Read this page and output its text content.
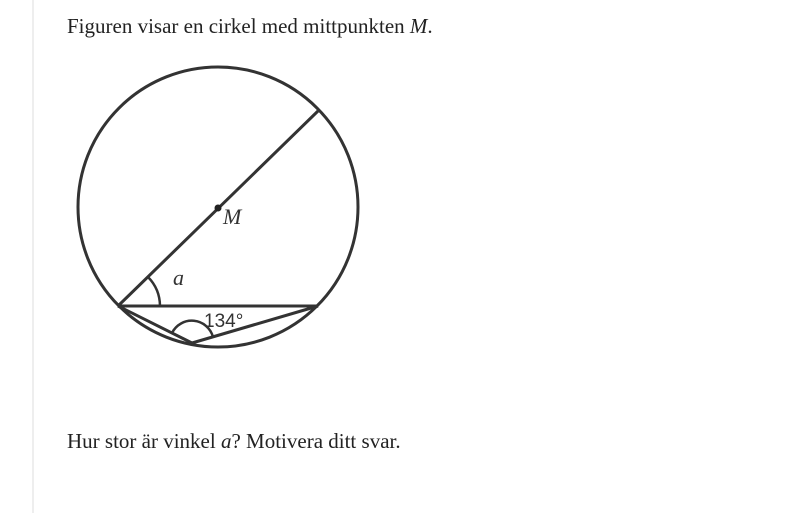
Figuren visar en cirkel med mittpunkten M.

M
a
134°

Hur stor är vinkel a? Motivera ditt svar.
